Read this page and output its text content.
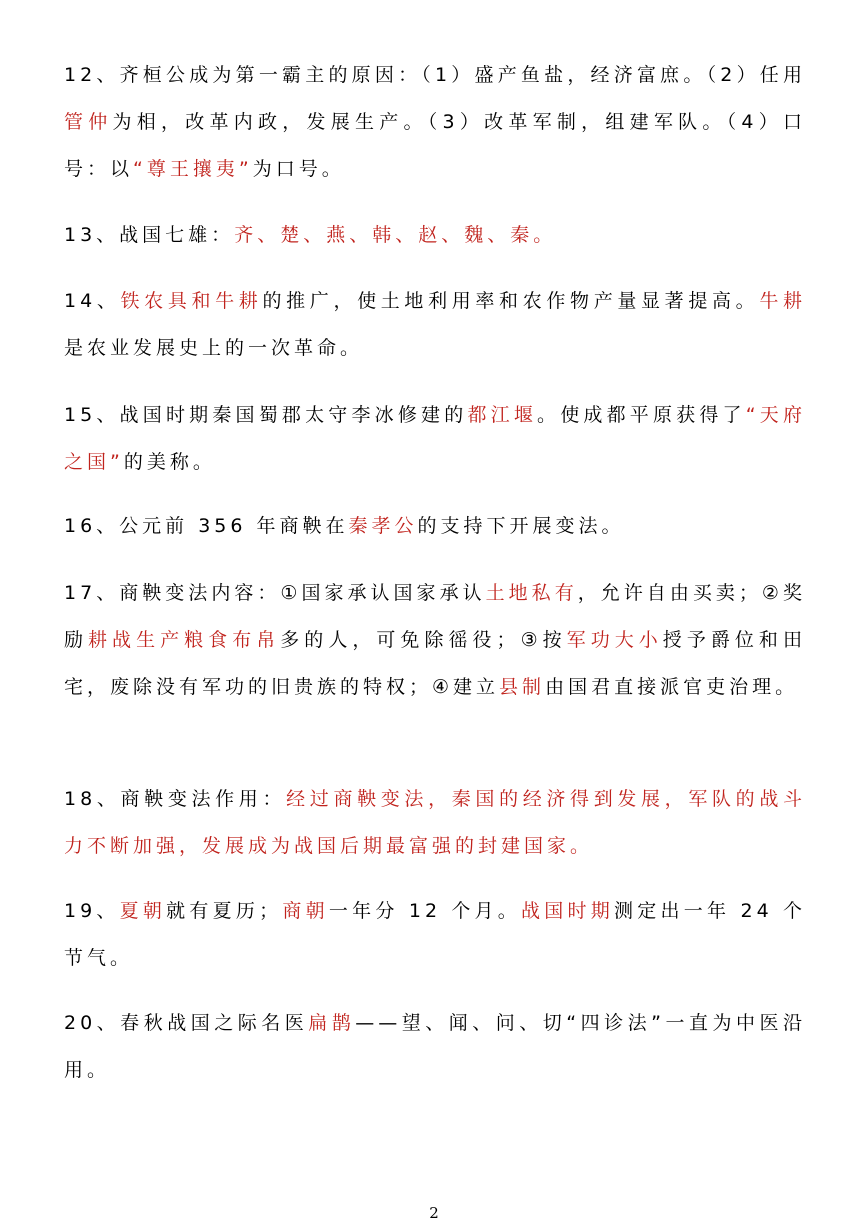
12、齐桓公成为第一霸主的原因：（1）盛产鱼盐，经济富庶。（2）任用管仲为相，改革内政，发展生产。（3）改革军制，组建军队。（4）口号：以“尊王攘夷”为口号。
13、战国七雄：齐、楚、燕、韩、赵、魏、秦。
14、铁农具和牛耕的推广，使土地利用率和农作物产量显著提高。牛耕是农业发展史上的一次革命。
15、战国时期秦国蜀郡太守李冰修建的都江堰。使成都平原获得了“天府之国”的美称。
16、公元前 356 年商鞅在秦孝公的支持下开展变法。
17、商鞅变法内容：①国家承认国家承认土地私有，允许自由买卖；②奖励耕战生产粮食布帛多的人，可免除徭役；③按军功大小授予爵位和田宅，废除没有军功的旧贵族的特权；④建立县制由国君直接派官吏治理。
18、商鞅变法作用：经过商鞅变法，秦国的经济得到发展，军队的战斗力不断加强，发展成为战国后期最富强的封建国家。
19、夏朝就有夏历；商朝一年分 12 个月。战国时期测定出一年 24 个节气。
20、春秋战国之际名医扁鹊——望、闻、问、切“四诊法”一直为中医沿用。
2
